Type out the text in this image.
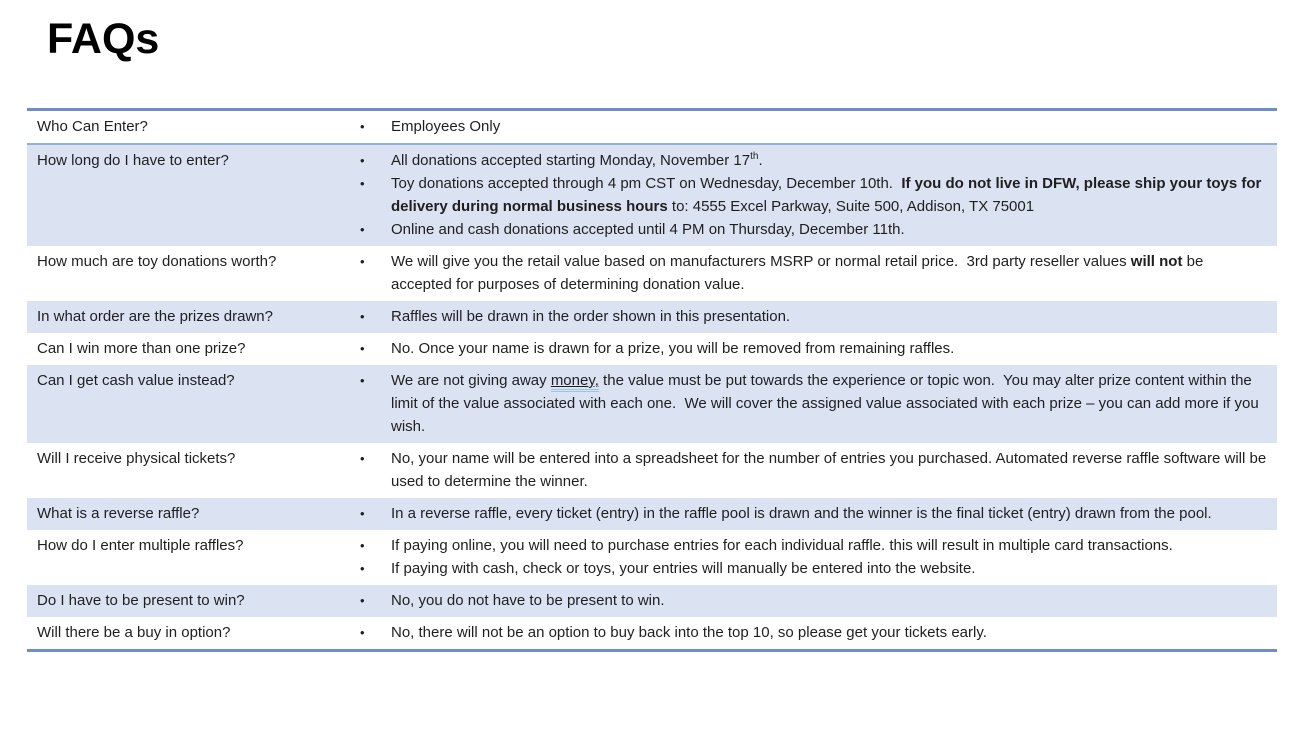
FAQs
Who Can Enter?	•	Employees Only
How long do I have to enter?	•	All donations accepted starting Monday, November 17th.
•	Toy donations accepted through 4 pm CST on Wednesday, December 10th.  If you do not live in DFW, please ship your toys for delivery during normal business hours to: 4555 Excel Parkway, Suite 500, Addison, TX 75001
•	Online and cash donations accepted until 4 PM on Thursday, December 11th.
How much are toy donations worth?	•	We will give you the retail value based on manufacturers MSRP or normal retail price.  3rd party reseller values will not be accepted for purposes of determining donation value.
In what order are the prizes drawn?	•	Raffles will be drawn in the order shown in this presentation.
Can I win more than one prize?	•	No. Once your name is drawn for a prize, you will be removed from remaining raffles.
Can I get cash value instead?	•	We are not giving away money, the value must be put towards the experience or topic won.  You may alter prize content within the limit of the value associated with each one.  We will cover the assigned value associated with each prize – you can add more if you wish.
Will I receive physical tickets?	•	No, your name will be entered into a spreadsheet for the number of entries you purchased. Automated reverse raffle software will be used to determine the winner.
What is a reverse raffle?	•	In a reverse raffle, every ticket (entry) in the raffle pool is drawn and the winner is the final ticket (entry) drawn from the pool.
How do I enter multiple raffles?	•	If paying online, you will need to purchase entries for each individual raffle. this will result in multiple card transactions.
•	If paying with cash, check or toys, your entries will manually be entered into the website.
Do I have to be present to win?	•	No, you do not have to be present to win.
Will there be a buy in option?	•	No, there will not be an option to buy back into the top 10, so please get your tickets early.
